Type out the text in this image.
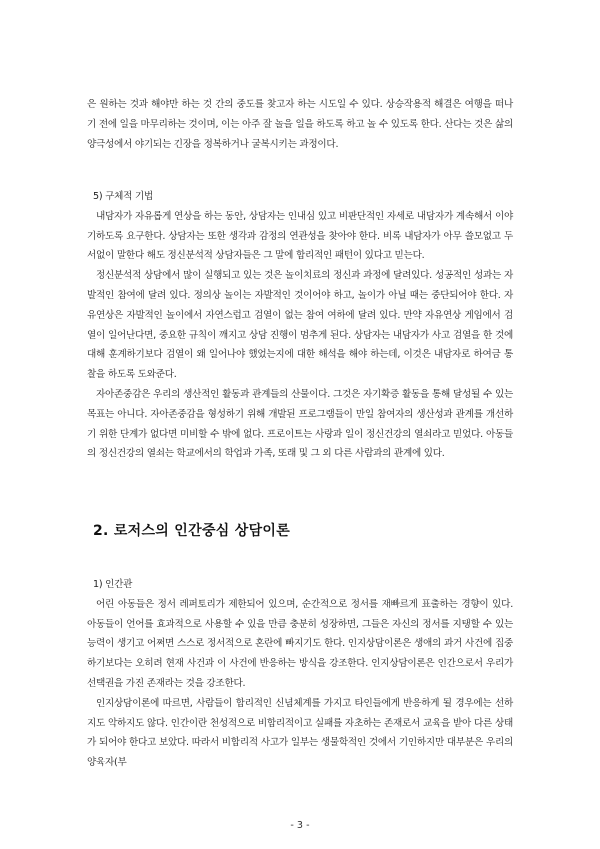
은 원하는 것과 해야만 하는 것 간의 중도를 찾고자 하는 시도일 수 있다. 상승작용적 해결은 여행을 떠나기 전에 일을 마무리하는 것이며, 이는 아주 잘 놀을 일을 하도록 하고 놀 수 있도록 한다. 산다는 것은 삶의 양극성에서 야기되는 긴장을 정복하거나 굴복시키는 과정이다.

5) 구체적 기법

내담자가 자유롭게 연상을 하는 동안, 상담자는 인내심 있고 비판단적인 자세로 내담자가 계속해서 이야기하도록 요구한다. 상담자는 또한 생각과 감정의 연관성을 찾아야 한다. 비록 내담자가 아무 쓸모없고 두서없이 말한다 해도 정신분석적 상담자들은 그 말에 합리적인 패턴이 있다고 믿는다.

정신분석적 상담에서 많이 실행되고 있는 것은 놀이치료의 정신과 과정에 달려있다. 성공적인 성과는 자발적인 참여에 달려 있다. 정의상 놀이는 자발적인 것이어야 하고, 놀이가 아닐 때는 중단되어야 한다. 자유연상은 자발적인 놀이에서 자연스럽고 검열이 없는 참여 여하에 달려 있다. 만약 자유연상 게임에서 검열이 일어난다면, 중요한 규칙이 깨지고 상담 진행이 멈추게 된다. 상담자는 내담자가 사고 검열을 한 것에 대해 훈계하기보다 검열이 왜 일어나야 했었는지에 대한 해석을 해야 하는데, 이것은 내담자로 하여금 통찰을 하도록 도와준다.

자아존중감은 우리의 생산적인 활동과 관계들의 산물이다. 그것은 자기확증 활동을 통해 달성될 수 있는 목표는 아니다. 자아존중감을 형성하기 위해 개발된 프로그램들이 만일 참여자의 생산성과 관계를 개선하기 위한 단계가 없다면 미비할 수 밖에 없다. 프로이트는 사랑과 일이 정신건강의 열쇠라고 믿었다. 아동들의 정신건강의 열쇠는 학교에서의 학업과 가족, 또래 및 그 외 다른 사람과의 관계에 있다.

2. 로저스의 인간중심 상담이론

1) 인간관

어린 아동들은 정서 레퍼토리가 제한되어 있으며, 순간적으로 정서를 재빠르게 표출하는 경향이 있다. 아동들이 언어를 효과적으로 사용할 수 있을 만큼 충분히 성장하면, 그들은 자신의 정서를 지탱할 수 있는 능력이 생기고 어쩌면 스스로 정서적으로 혼란에 빠지기도 한다. 인지상담이론은 생애의 과거 사건에 집중하기보다는 오히려 현재 사건과 이 사건에 반응하는 방식을 강조한다. 인지상담이론은 인간으로서 우리가 선택권을 가진 존재라는 것을 강조한다.

인지상담이론에 따르면, 사람들이 합리적인 신념체계를 가지고 타인들에게 반응하게 될 경우에는 선하지도 악하지도 않다. 인간이란 천성적으로 비합리적이고 실패를 자초하는 존재로서 교육을 받아 다른 상태가 되어야 한다고 보았다. 따라서 비합리적 사고가 일부는 생물학적인 것에서 기인하지만 대부분은 우리의 양육자(부

- 3 -
